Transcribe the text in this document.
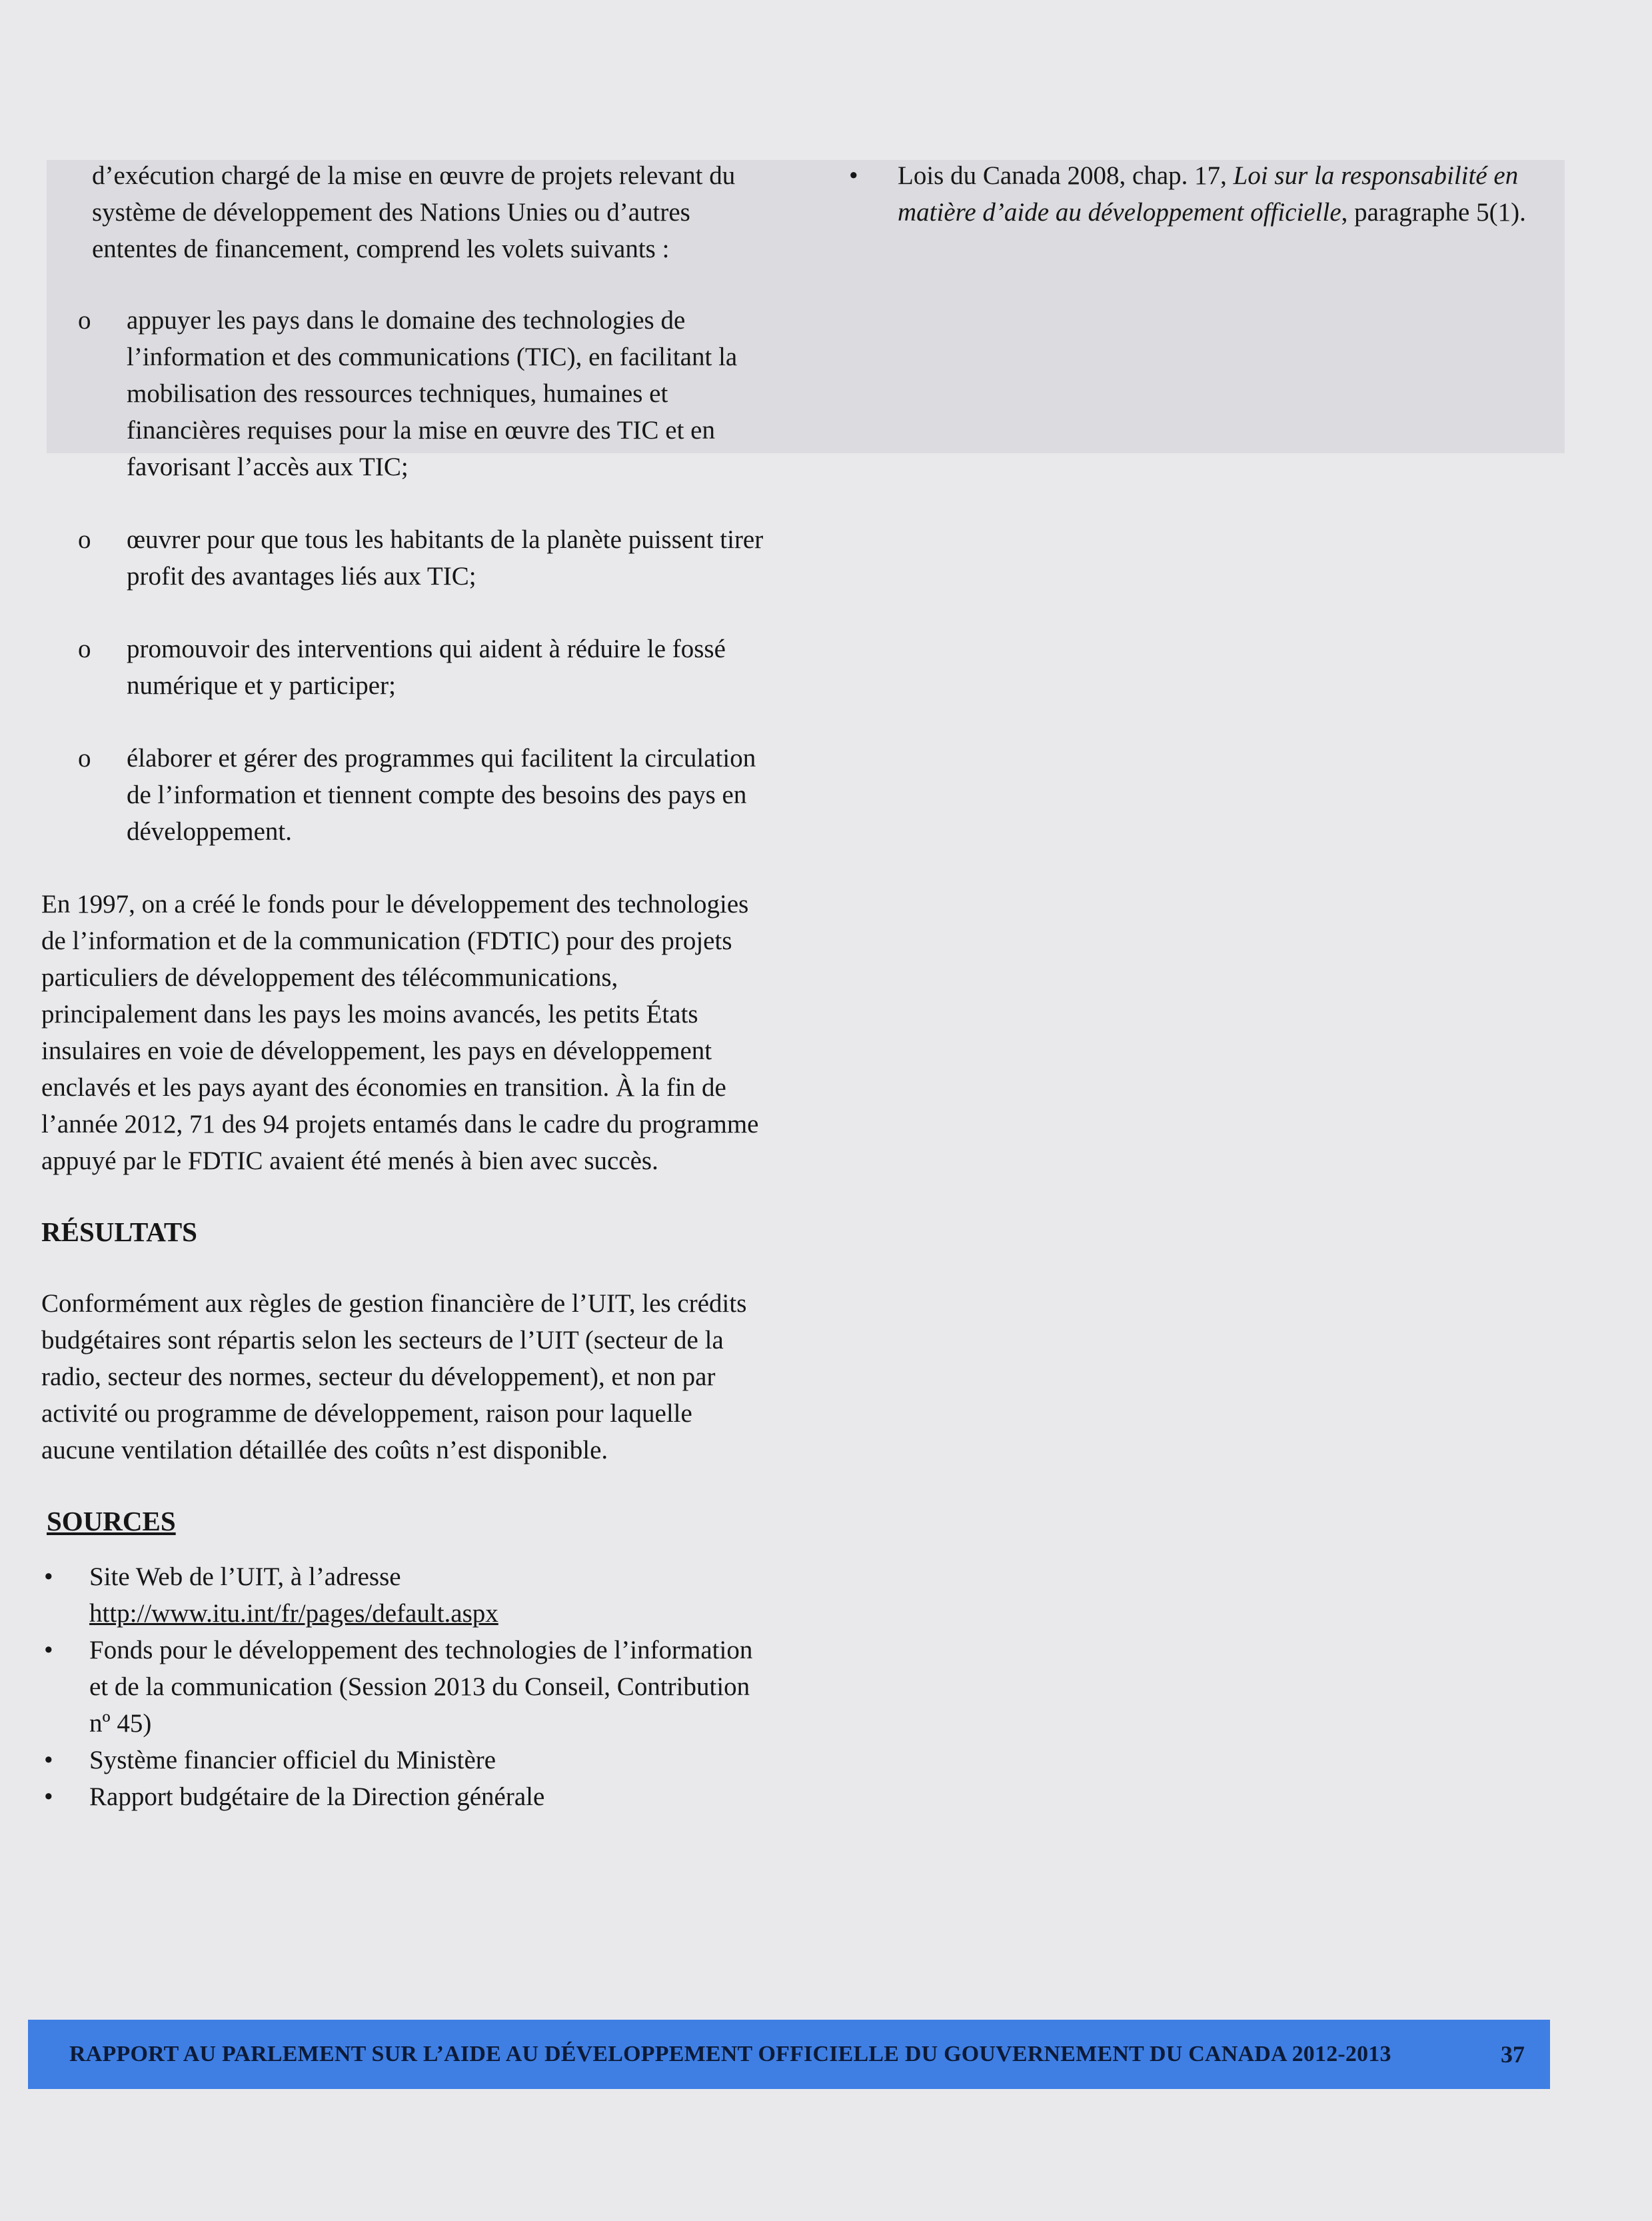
d’exécution chargé de la mise en œuvre de projets relevant du système de développement des Nations Unies ou d’autres ententes de financement, comprend les volets suivants :

o appuyer les pays dans le domaine des technologies de l’information et des communications (TIC), en facilitant la mobilisation des ressources techniques, humaines et financières requises pour la mise en œuvre des TIC et en favorisant l’accès aux TIC;
o œuvrer pour que tous les habitants de la planète puissent tirer profit des avantages liés aux TIC;
o promouvoir des interventions qui aident à réduire le fossé numérique et y participer;
o élaborer et gérer des programmes qui facilitent la circulation de l’information et tiennent compte des besoins des pays en développement.

En 1997, on a créé le fonds pour le développement des technologies de l’information et de la communication (FDTIC) pour des projets particuliers de développement des télécommunications, principalement dans les pays les moins avancés, les petits États insulaires en voie de développement, les pays en développement enclavés et les pays ayant des économies en transition. À la fin de l’année 2012, 71 des 94 projets entamés dans le cadre du programme appuyé par le FDTIC avaient été menés à bien avec succès.

RÉSULTATS

Conformément aux règles de gestion financière de l’UIT, les crédits budgétaires sont répartis selon les secteurs de l’UIT (secteur de la radio, secteur des normes, secteur du développement), et non par activité ou programme de développement, raison pour laquelle aucune ventilation détaillée des coûts n’est disponible.

SOURCES
• Site Web de l’UIT, à l’adresse
http://www.itu.int/fr/pages/default.aspx
• Fonds pour le développement des technologies de l’information et de la communication (Session 2013 du Conseil, Contribution nº 45)
• Système financier officiel du Ministère
• Rapport budgétaire de la Direction générale
• Lois du Canada 2008, chap. 17, Loi sur la responsabilité en matière d’aide au développement officielle, paragraphe 5(1).
RAPPORT AU PARLEMENT SUR L’AIDE AU DÉVELOPPEMENT OFFICIELLE DU GOUVERNEMENT DU CANADA 2012-2013	37
